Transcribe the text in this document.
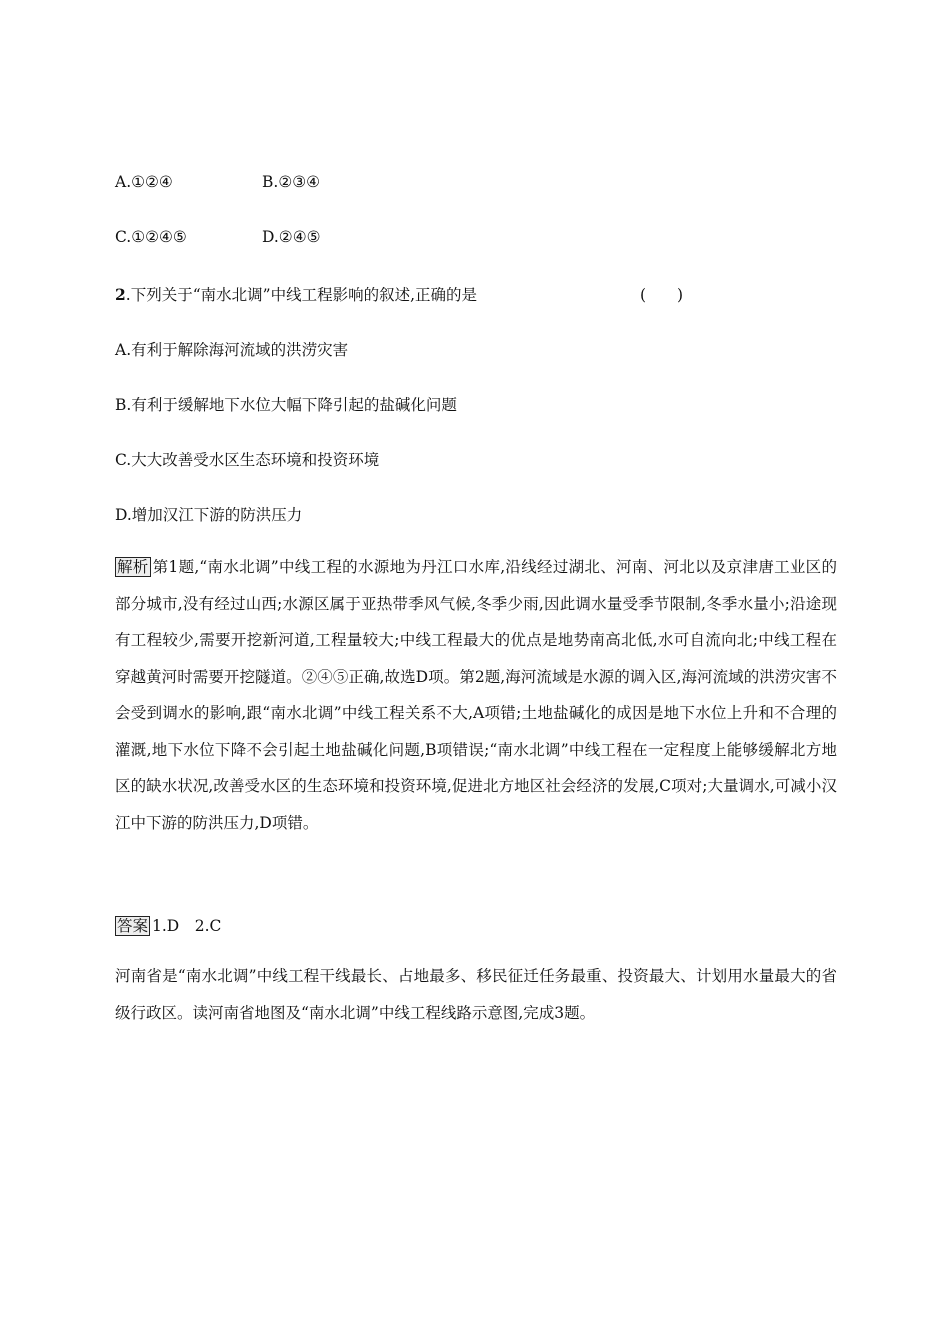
A.①②④	B.②③④
C.①②④⑤	D.②④⑤
2.下列关于“南水北调”中线工程影响的叙述,正确的是	(　　)
A.有利于解除海河流域的洪涝灾害
B.有利于缓解地下水位大幅下降引起的盐碱化问题
C.大大改善受水区生态环境和投资环境
D.增加汉江下游的防洪压力
解析 第1题,“南水北调”中线工程的水源地为丹江口水库,沿线经过湖北、河南、河北以及京津唐工业区的部分城市,没有经过山西;水源区属于亚热带季风气候,冬季少雨,因此调水量受季节限制,冬季水量小;沿途现有工程较少,需要开挖新河道,工程量较大;中线工程最大的优点是地势南高北低,水可自流向北;中线工程在穿越黄河时需要开挖隧道。②④⑤正确,故选D项。第2题,海河流域是水源的调入区,海河流域的洪涝灾害不会受到调水的影响,跟“南水北调”中线工程关系不大,A项错;土地盐碱化的成因是地下水位上升和不合理的灌溉,地下水位下降不会引起土地盐碱化问题,B项错误;“南水北调”中线工程在一定程度上能够缓解北方地区的缺水状况,改善受水区的生态环境和投资环境,促进北方地区社会经济的发展,C项对;大量调水,可减小汉江中下游的防洪压力,D项错。
答案 1.D　2.C
河南省是“南水北调”中线工程干线最长、占地最多、移民征迁任务最重、投资最大、计划用水量最大的省级行政区。读河南省地图及“南水北调”中线工程线路示意图,完成3题。
